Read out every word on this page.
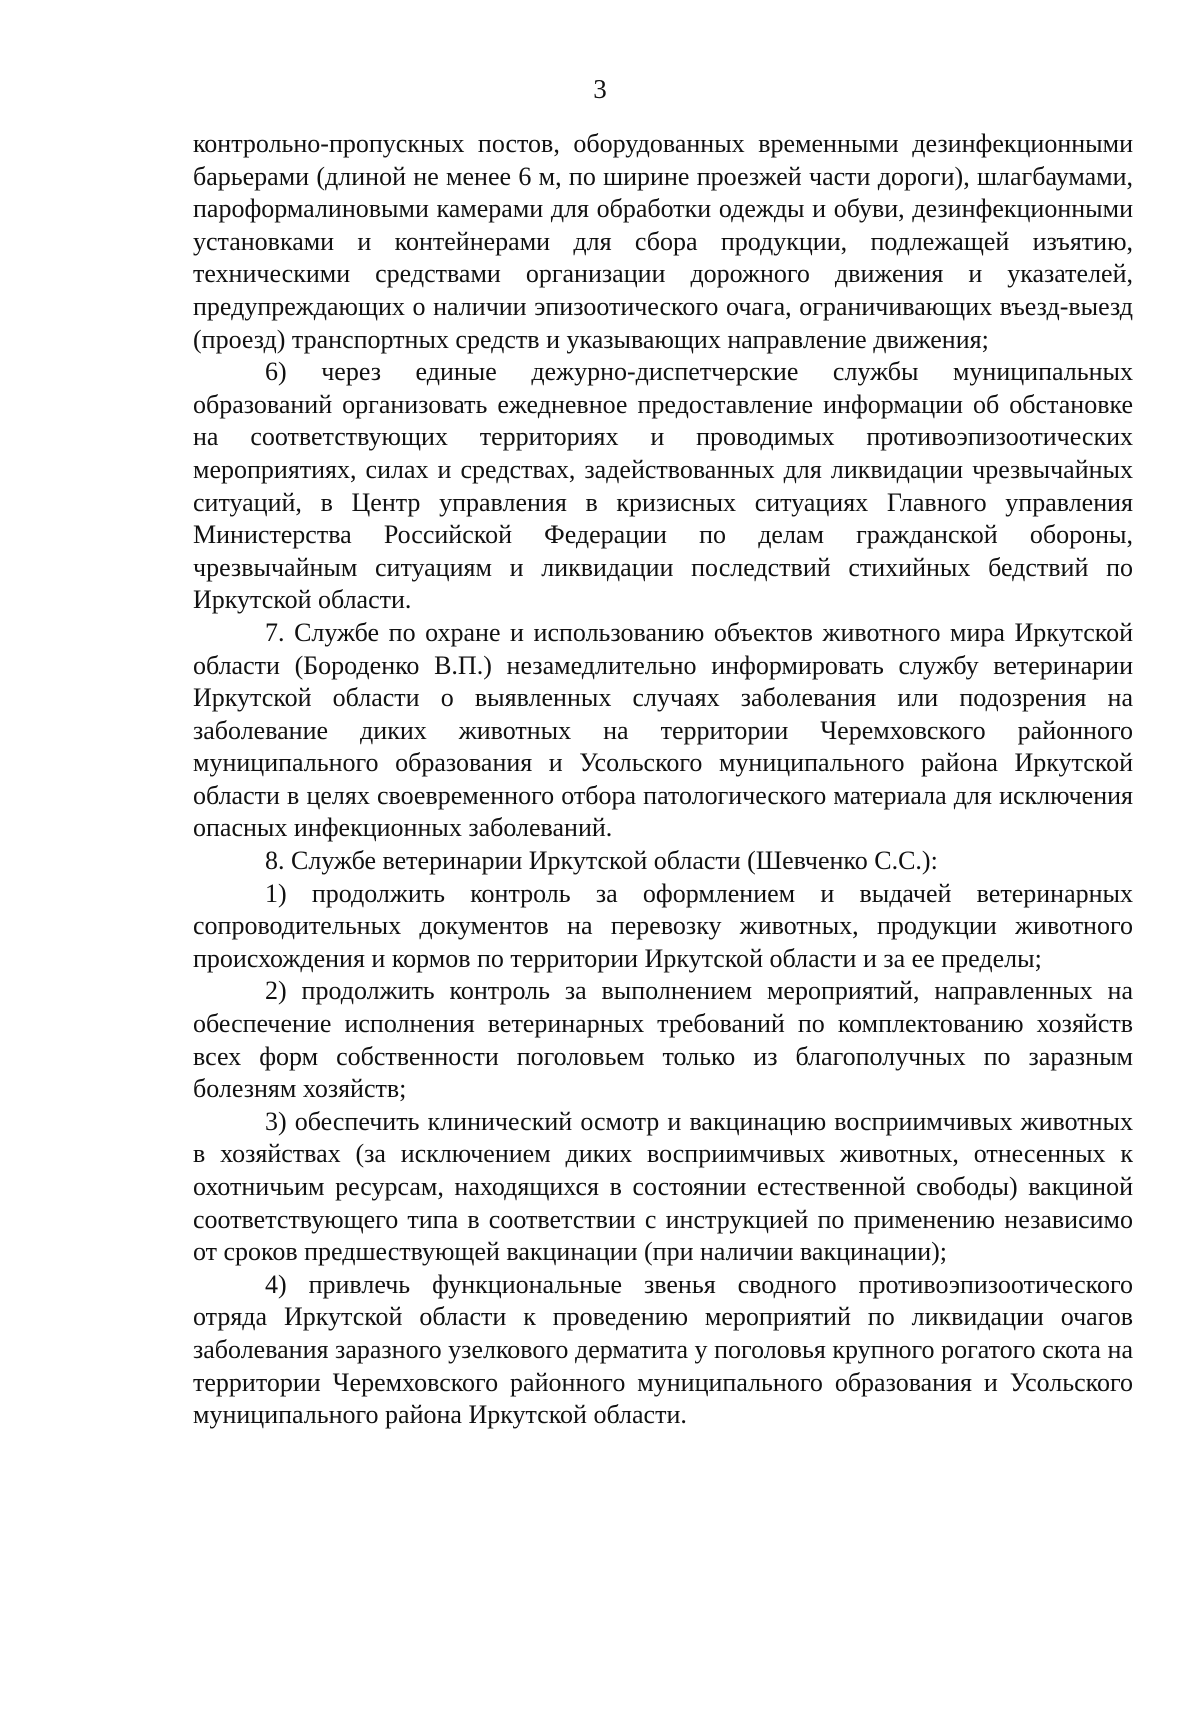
3

контрольно-пропускных постов, оборудованных временными дезинфекционными барьерами (длиной не менее 6 м, по ширине проезжей части дороги), шлагбаумами, пароформалиновыми камерами для обработки одежды и обуви, дезинфекционными установками и контейнерами для сбора продукции, подлежащей изъятию, техническими средствами организации дорожного движения и указателей, предупреждающих о наличии эпизоотического очага, ограничивающих въезд-выезд (проезд) транспортных средств и указывающих направление движения;

6) через единые дежурно-диспетчерские службы муниципальных образований организовать ежедневное предоставление информации об обстановке на соответствующих территориях и проводимых противоэпизоотических мероприятиях, силах и средствах, задействованных для ликвидации чрезвычайных ситуаций, в Центр управления в кризисных ситуациях Главного управления Министерства Российской Федерации по делам гражданской обороны, чрезвычайным ситуациям и ликвидации последствий стихийных бедствий по Иркутской области.

7. Службе по охране и использованию объектов животного мира Иркутской области (Бороденко В.П.) незамедлительно информировать службу ветеринарии Иркутской области о выявленных случаях заболевания или подозрения на заболевание диких животных на территории Черемховского районного муниципального образования и Усольского муниципального района Иркутской области в целях своевременного отбора патологического материала для исключения опасных инфекционных заболеваний.

8. Службе ветеринарии Иркутской области (Шевченко С.С.):

1) продолжить контроль за оформлением и выдачей ветеринарных сопроводительных документов на перевозку животных, продукции животного происхождения и кормов по территории Иркутской области и за ее пределы;

2) продолжить контроль за выполнением мероприятий, направленных на обеспечение исполнения ветеринарных требований по комплектованию хозяйств всех форм собственности поголовьем только из благополучных по заразным болезням хозяйств;

3) обеспечить клинический осмотр и вакцинацию восприимчивых животных в хозяйствах (за исключением диких восприимчивых животных, отнесенных к охотничьим ресурсам, находящихся в состоянии естественной свободы) вакциной соответствующего типа в соответствии с инструкцией по применению независимо от сроков предшествующей вакцинации (при наличии вакцинации);

4) привлечь функциональные звенья сводного противоэпизоотического отряда Иркутской области к проведению мероприятий по ликвидации очагов заболевания заразного узелкового дерматита у поголовья крупного рогатого скота на территории Черемховского районного муниципального образования и Усольского муниципального района Иркутской области.
